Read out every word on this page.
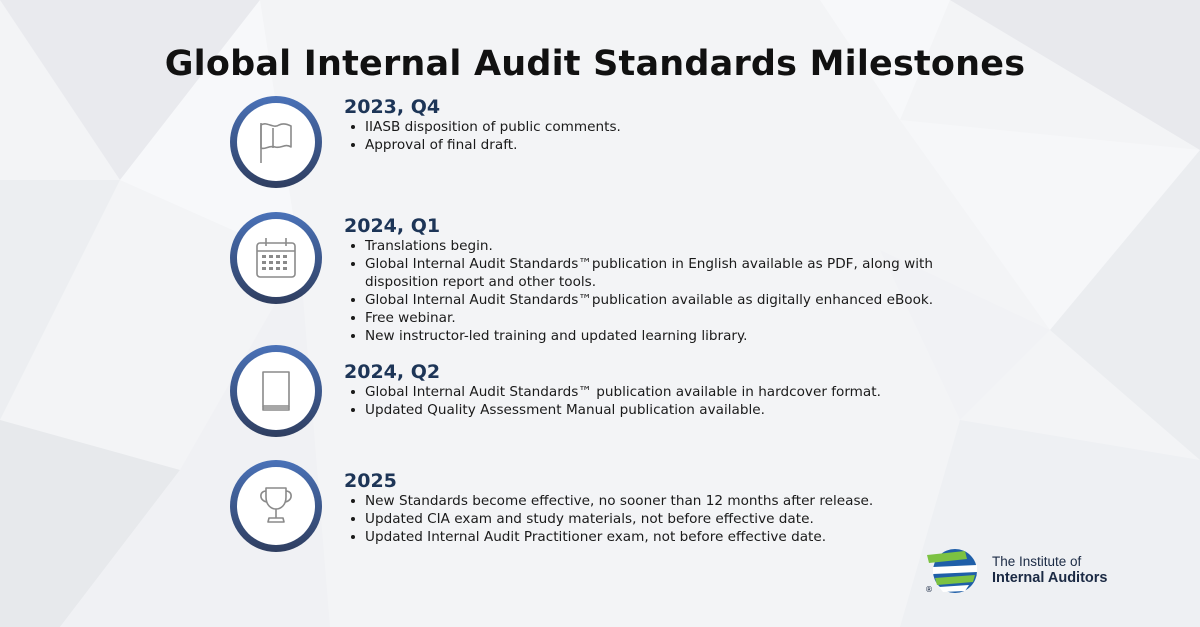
Global Internal Audit Standards Milestones
2023, Q4
IIASB disposition of public comments.
Approval of final draft.
2024, Q1
Translations begin.
Global Internal Audit Standards™publication in English available as PDF, along with disposition report and other tools.
Global Internal Audit Standards™publication available as digitally enhanced eBook.
Free webinar.
New instructor-led training and updated learning library.
2024, Q2
Global Internal Audit Standards™ publication available in hardcover format.
Updated Quality Assessment Manual publication available.
2025
New Standards become effective, no sooner than 12 months after release.
Updated CIA exam and study materials, not before effective date.
Updated Internal Audit Practitioner exam, not before effective date.
®
The Institute of
Internal Auditors
